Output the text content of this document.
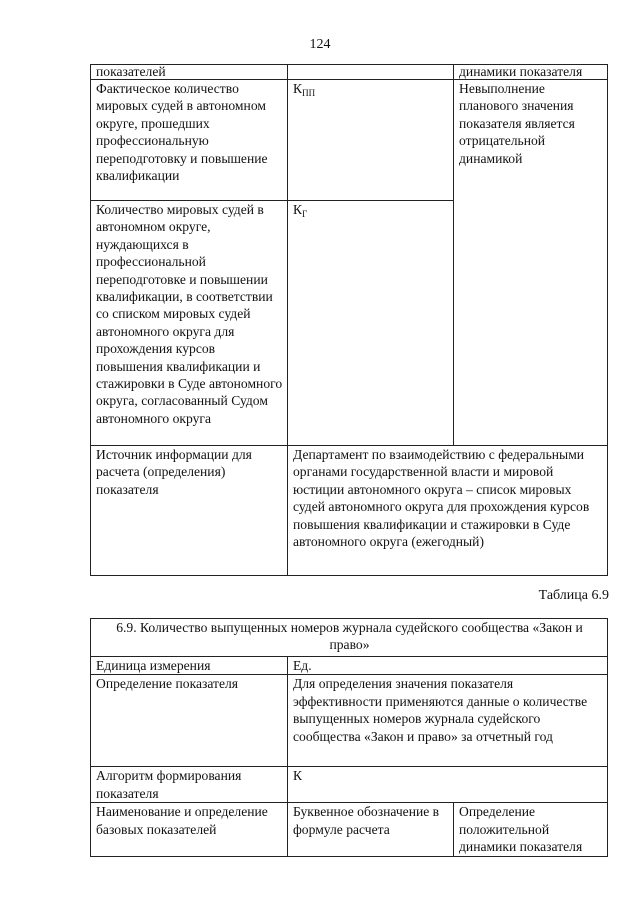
124
показателей		динамики показателя
Фактическое количество мировых судей в автономном округе, прошедших профессиональную переподготовку и повышение квалификации	$К_{ПП}$	Невыполнение планового значения показателя является отрицательной динамикой
Количество мировых судей в автономном округе, нуждающихся в профессиональной переподготовке и повышении квалификации, в соответствии со списком мировых судей автономного округа для прохождения курсов повышения квалификации и стажировки в Суде автономного округа, согласованный Судом автономного округа	$К_Г$
Источник информации для расчета (определения) показателя	Департамент по взаимодействию с федеральными органами государственной власти и мировой юстиции автономного округа – список мировых судей автономного округа для прохождения курсов повышения квалификации и стажировки в Суде автономного округа (ежегодный)	
Таблица 6.9
6.9. Количество выпущенных номеров журнала судейского сообщества «Закон и право»		
Единица измерения	Ед.	
Определение показателя	Для определения значения показателя эффективности применяются данные о количестве выпущенных номеров журнала судейского сообщества «Закон и право» за отчетный год	
Алгоритм формирования показателя	К	
Наименование и определение базовых показателей	Буквенное обозначение в формуле расчета	Определение положительной динамики показателя
